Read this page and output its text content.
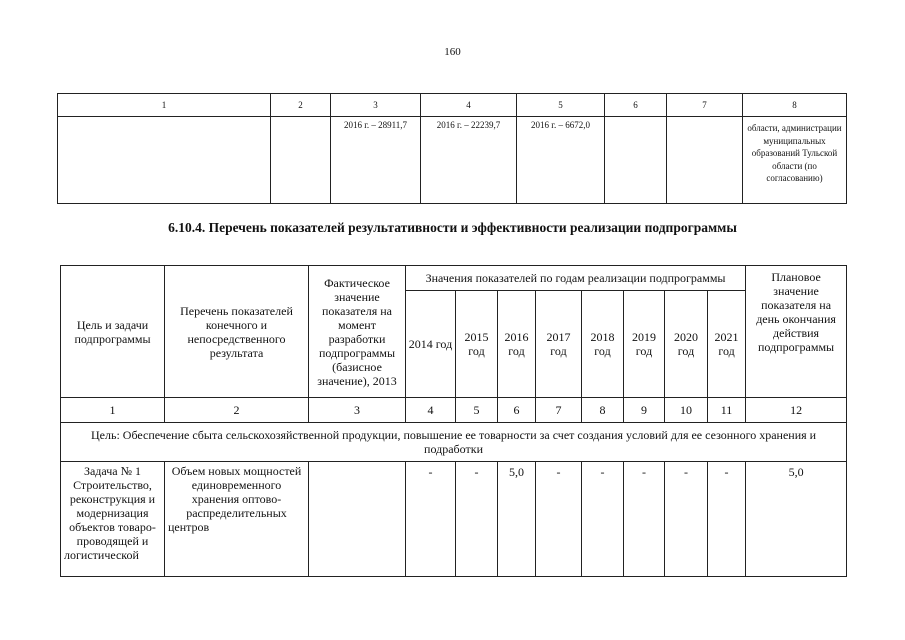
160
1	2	3	4	5	6	7	8

		2016 г. – 28911,7	2016 г. – 22239,7	2016 г. – 6672,0			области, администрации муниципальных образований Тульской области (по согласованию)
6.10.4. Перечень показателей результативности и эффективности реализации подпрограммы
Цель и задачи подпрограммы	Перечень показателей конечного и непосредственного результата	Фактическое значение показателя на момент разработки подпрограммы (базисное значение), 2013	Значения показателей по годам реализации подпрограммы								Плановое значение показателя на день окончания действия подпрограммы
			2014 год	2015 год	2016 год	2017 год	2018 год	2019 год	2020 год	2021 год	
1	2	3	4	5	6	7	8	9	10	11	12
Цель: Обеспечение сбыта сельскохозяйственной продукции, повышение ее товарности за счет создания условий для ее сезонного хранения и подработки											
Задача № 1 Строительство, реконструкция и модернизация объектов товаро-проводящей и логистической	Объем новых мощностей единовременного хранения оптово-распределительных центров		-	-	5,0	-	-	-	-	-	5,0
